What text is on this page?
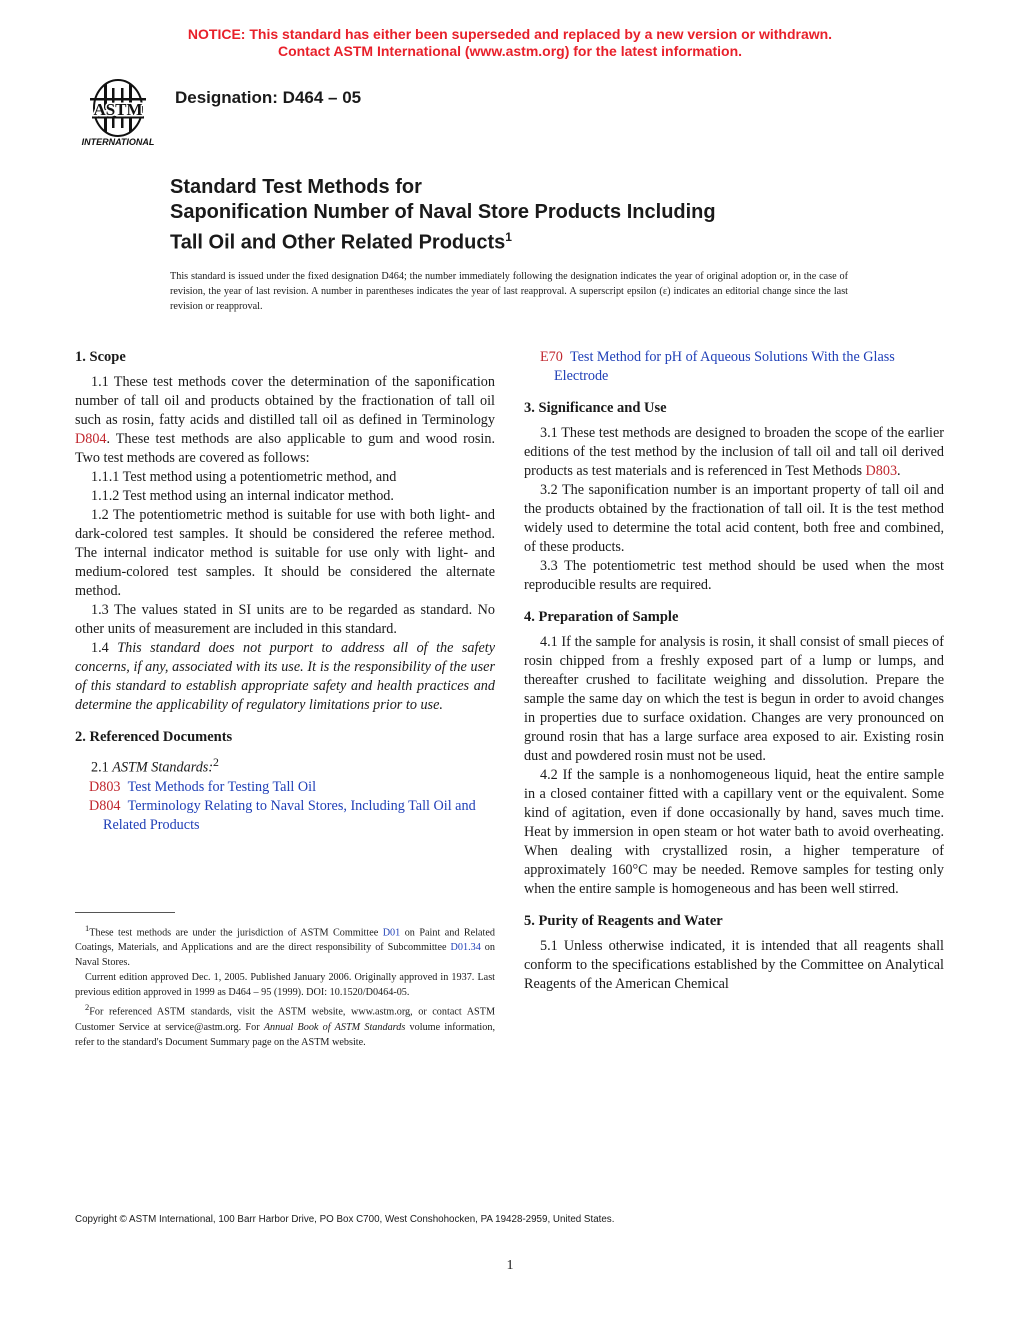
NOTICE: This standard has either been superseded and replaced by a new version or withdrawn.
Contact ASTM International (www.astm.org) for the latest information.
ASTM
INTERNATIONAL
Designation: D464 – 05
Standard Test Methods for
Saponification Number of Naval Store Products Including
Tall Oil and Other Related Products$^1$
This standard is issued under the fixed designation D464; the number immediately following the designation indicates the year of original adoption or, in the case of revision, the year of last revision. A number in parentheses indicates the year of last reapproval. A superscript epsilon (ε) indicates an editorial change since the last revision or reapproval.
1. Scope

1.1 These test methods cover the determination of the saponification number of tall oil and products obtained by the fractionation of tall oil such as rosin, fatty acids and distilled tall oil as defined in Terminology D804. These test methods are also applicable to gum and wood rosin. Two test methods are covered as follows:

1.1.1 Test method using a potentiometric method, and

1.1.2 Test method using an internal indicator method.

1.2 The potentiometric method is suitable for use with both light- and dark-colored test samples. It should be considered the referee method. The internal indicator method is suitable for use only with light- and medium-colored test samples. It should be considered the alternate method.

1.3 The values stated in SI units are to be regarded as standard. No other units of measurement are included in this standard.

1.4 This standard does not purport to address all of the safety concerns, if any, associated with its use. It is the responsibility of the user of this standard to establish appropriate safety and health practices and determine the applicability of regulatory limitations prior to use.

2. Referenced Documents

2.1 ASTM Standards:$^2$

D803 Test Methods for Testing Tall Oil

D804 Terminology Relating to Naval Stores, Including Tall Oil and Related Products

$^1$These test methods are under the jurisdiction of ASTM Committee D01 on Paint and Related Coatings, Materials, and Applications and are the direct responsibility of Subcommittee D01.34 on Naval Stores.

Current edition approved Dec. 1, 2005. Published January 2006. Originally approved in 1937. Last previous edition approved in 1999 as D464 – 95 (1999). DOI: 10.1520/D0464-05.

$^2$For referenced ASTM standards, visit the ASTM website, www.astm.org, or contact ASTM Customer Service at service@astm.org. For Annual Book of ASTM Standards volume information, refer to the standard's Document Summary page on the ASTM website.

E70 Test Method for pH of Aqueous Solutions With the Glass Electrode

3. Significance and Use

3.1 These test methods are designed to broaden the scope of the earlier editions of the test method by the inclusion of tall oil and tall oil derived products as test materials and is referenced in Test Methods D803.

3.2 The saponification number is an important property of tall oil and the products obtained by the fractionation of tall oil. It is the test method widely used to determine the total acid content, both free and combined, of these products.

3.3 The potentiometric test method should be used when the most reproducible results are required.

4. Preparation of Sample

4.1 If the sample for analysis is rosin, it shall consist of small pieces of rosin chipped from a freshly exposed part of a lump or lumps, and thereafter crushed to facilitate weighing and dissolution. Prepare the sample the same day on which the test is begun in order to avoid changes in properties due to surface oxidation. Changes are very pronounced on ground rosin that has a large surface area exposed to air. Existing rosin dust and powdered rosin must not be used.

4.2 If the sample is a nonhomogeneous liquid, heat the entire sample in a closed container fitted with a capillary vent or the equivalent. Some kind of agitation, even if done occasionally by hand, saves much time. Heat by immersion in open steam or hot water bath to avoid overheating. When dealing with crystallized rosin, a higher temperature of approximately 160°C may be needed. Remove samples for testing only when the entire sample is homogeneous and has been well stirred.

5. Purity of Reagents and Water

5.1 Unless otherwise indicated, it is intended that all reagents shall conform to the specifications established by the Committee on Analytical Reagents of the American Chemical

Copyright © ASTM International, 100 Barr Harbor Drive, PO Box C700, West Conshohocken, PA 19428-2959, United States.
1
